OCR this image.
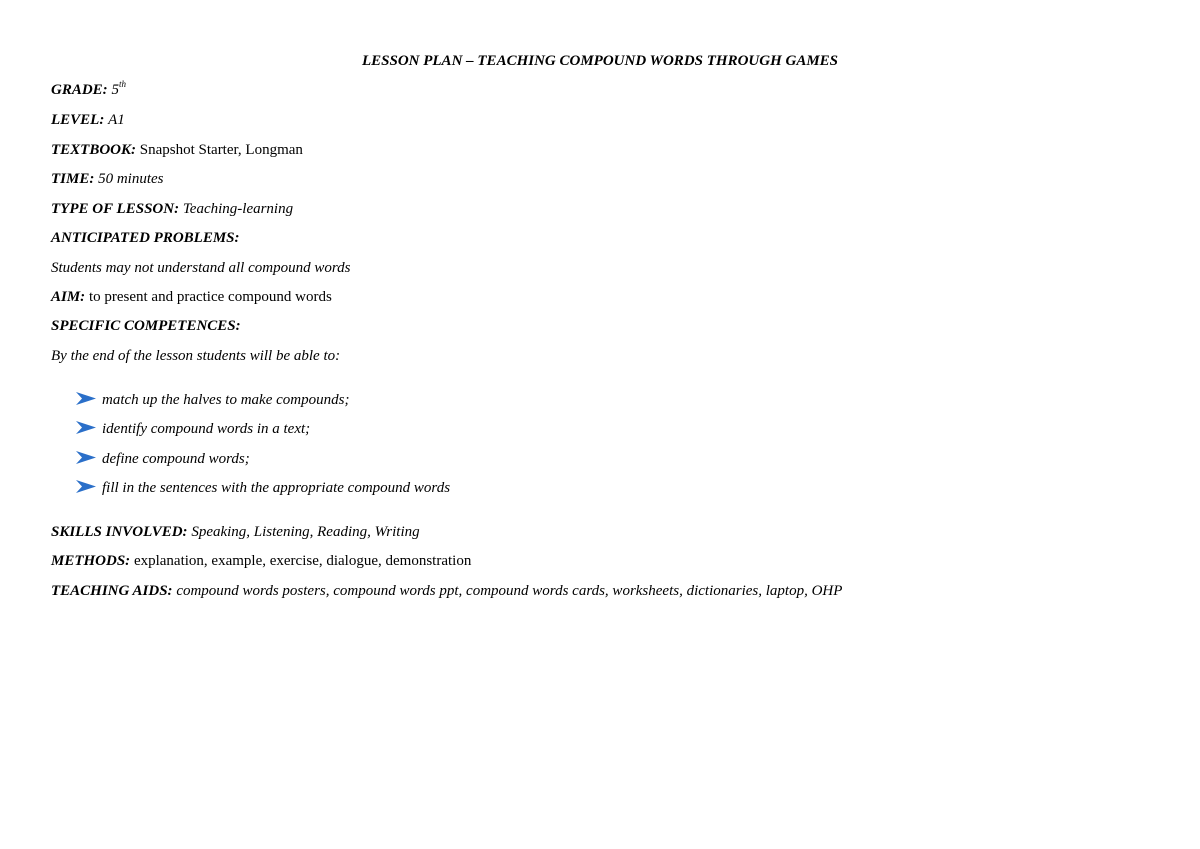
LESSON PLAN – TEACHING COMPOUND WORDS THROUGH GAMES
GRADE: 5th
LEVEL: A1
TEXTBOOK: Snapshot Starter, Longman
TIME: 50 minutes
TYPE OF LESSON: Teaching-learning
ANTICIPATED PROBLEMS:
Students may not understand all compound words
AIM: to present and practice compound words
SPECIFIC COMPETENCES:
By the end of the lesson students will be able to:
match up the halves to make compounds;
identify compound words in a text;
define compound words;
fill in the sentences with the appropriate compound words
SKILLS INVOLVED: Speaking, Listening, Reading, Writing
METHODS: explanation, example, exercise, dialogue, demonstration
TEACHING AIDS: compound words posters, compound words ppt, compound words cards, worksheets, dictionaries, laptop, OHP
